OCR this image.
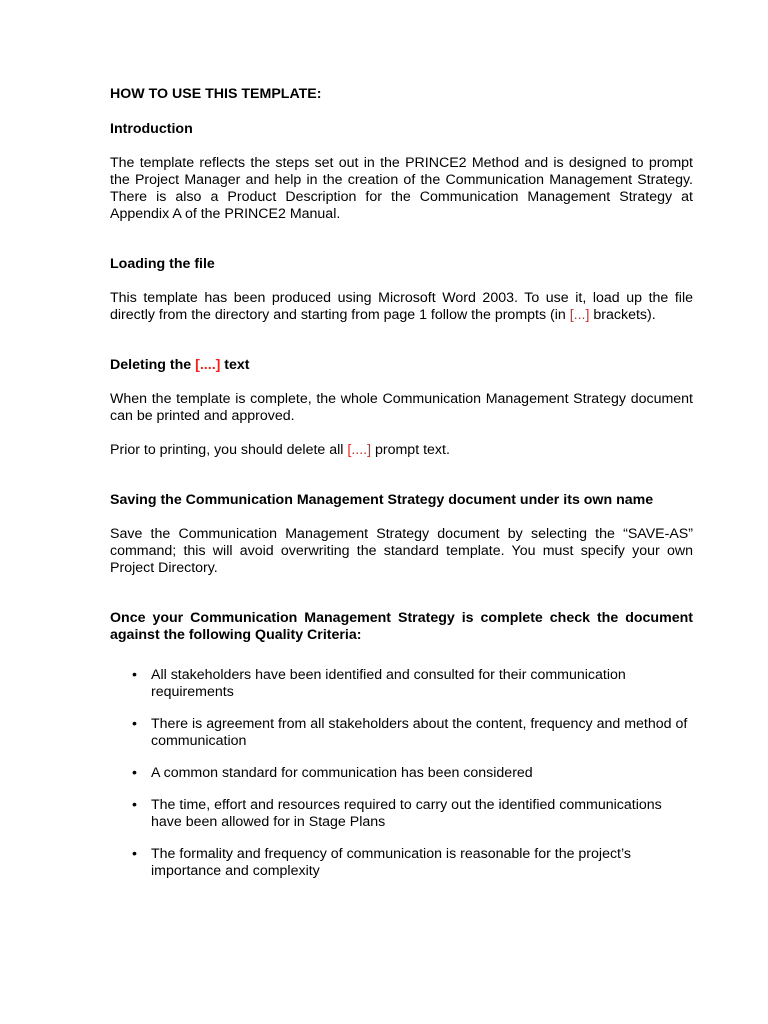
HOW TO USE THIS TEMPLATE:
Introduction

The template reflects the steps set out in the PRINCE2 Method and is designed to prompt the Project Manager and help in the creation of the Communication Management Strategy. There is also a Product Description for the Communication Management Strategy at Appendix A of the PRINCE2 Manual.

Loading the file

This template has been produced using Microsoft Word 2003. To use it, load up the file directly from the directory and starting from page 1 follow the prompts (in [...] brackets).

Deleting the [....] text

When the template is complete, the whole Communication Management Strategy document can be printed and approved.

Prior to printing, you should delete all [....] prompt text.

Saving the Communication Management Strategy document under its own name

Save the Communication Management Strategy document by selecting the “SAVE-AS” command; this will avoid overwriting the standard template. You must specify your own Project Directory.

Once your Communication Management Strategy is complete check the document against the following Quality Criteria:
• All stakeholders have been identified and consulted for their communication requirements
• There is agreement from all stakeholders about the content, frequency and method of communication
• A common standard for communication has been considered
• The time, effort and resources required to carry out the identified communications have been allowed for in Stage Plans
• The formality and frequency of communication is reasonable for the project’s importance and complexity
